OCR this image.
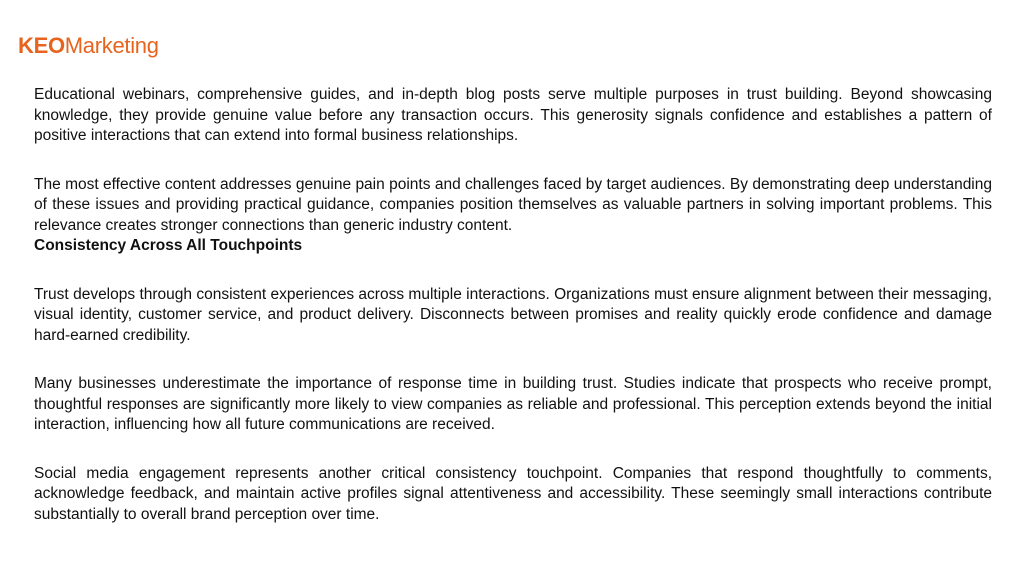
KEO Marketing

Educational webinars, comprehensive guides, and in-depth blog posts serve multiple purposes in trust building. Beyond showcasing knowledge, they provide genuine value before any transaction occurs. This generosity signals confidence and establishes a pattern of positive interactions that can extend into formal business relationships.

The most effective content addresses genuine pain points and challenges faced by target audiences. By demonstrating deep understanding of these issues and providing practical guidance, companies position themselves as valuable partners in solving important problems. This relevance creates stronger connections than generic industry content.

Consistency Across All Touchpoints

Trust develops through consistent experiences across multiple interactions. Organizations must ensure alignment between their messaging, visual identity, customer service, and product delivery. Disconnects between promises and reality quickly erode confidence and damage hard-earned credibility.

Many businesses underestimate the importance of response time in building trust. Studies indicate that prospects who receive prompt, thoughtful responses are significantly more likely to view companies as reliable and professional. This perception extends beyond the initial interaction, influencing how all future communications are received.

Social media engagement represents another critical consistency touchpoint. Companies that respond thoughtfully to comments, acknowledge feedback, and maintain active profiles signal attentiveness and accessibility. These seemingly small interactions contribute substantially to overall brand perception over time.
